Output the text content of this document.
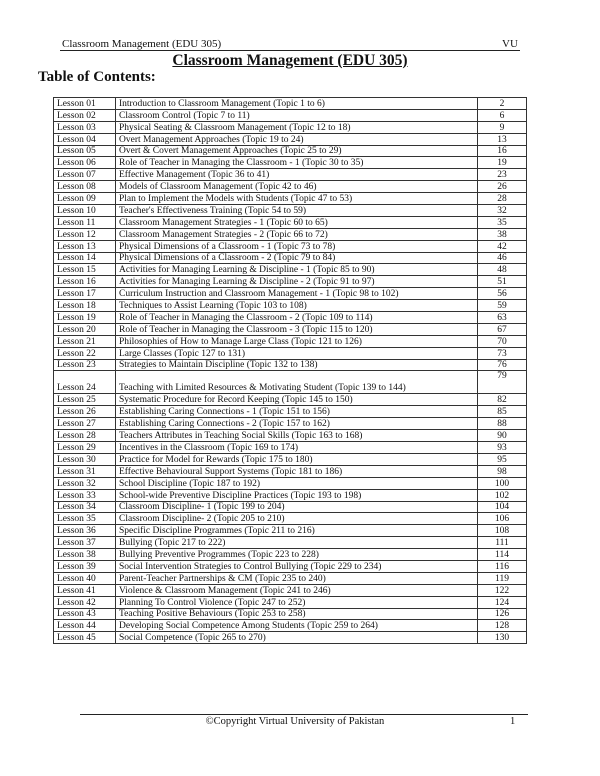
Classroom Management (EDU 305)	VU
Classroom Management (EDU 305)
Table of Contents:
Lesson 01	Introduction to Classroom Management (Topic 1 to 6)	2
Lesson 02	Classroom Control (Topic 7 to 11)	6
Lesson 03	Physical Seating & Classroom Management (Topic 12 to 18)	9
Lesson 04	Overt Management Approaches (Topic 19 to 24)	13
Lesson 05	Overt & Covert Management Approaches (Topic 25 to 29)	16
Lesson 06	Role of Teacher in Managing the Classroom - 1 (Topic 30 to 35)	19
Lesson 07	Effective Management (Topic 36 to 41)	23
Lesson 08	Models of Classroom Management (Topic 42 to 46)	26
Lesson 09	Plan to Implement the Models with Students (Topic 47 to 53)	28
Lesson 10	Teacher's Effectiveness Training (Topic 54 to 59)	32
Lesson 11	Classroom Management Strategies - 1 (Topic 60 to 65)	35
Lesson 12	Classroom Management Strategies - 2 (Topic 66 to 72)	38
Lesson 13	Physical Dimensions of a Classroom - 1 (Topic 73 to 78)	42
Lesson 14	Physical Dimensions of a Classroom - 2 (Topic 79 to 84)	46
Lesson 15	Activities for Managing Learning & Discipline - 1 (Topic 85 to 90)	48
Lesson 16	Activities for Managing Learning & Discipline - 2 (Topic 91 to 97)	51
Lesson 17	Curriculum Instruction and Classroom Management - 1 (Topic 98 to 102)	56
Lesson 18	Techniques to Assist Learning (Topic 103 to 108)	59
Lesson 19	Role of Teacher in Managing the Classroom - 2 (Topic 109 to 114)	63
Lesson 20	Role of Teacher in Managing the Classroom - 3 (Topic 115 to 120)	67
Lesson 21	Philosophies of How to Manage Large Class (Topic 121 to 126)	70
Lesson 22	Large Classes (Topic 127 to 131)	73
Lesson 23	Strategies to Maintain Discipline (Topic 132 to 138)	76
Lesson 24	Teaching with Limited Resources & Motivating Student (Topic 139 to 144)	79
Lesson 25	Systematic Procedure for Record Keeping (Topic 145 to 150)	82
Lesson 26	Establishing Caring Connections - 1 (Topic 151 to 156)	85
Lesson 27	Establishing Caring Connections - 2 (Topic 157 to 162)	88
Lesson 28	Teachers Attributes in Teaching Social Skills (Topic 163 to 168)	90
Lesson 29	Incentives in the Classroom (Topic 169 to 174)	93
Lesson 30	Practice for Model for Rewards (Topic 175 to 180)	95
Lesson 31	Effective Behavioural Support Systems (Topic 181 to 186)	98
Lesson 32	School Discipline (Topic 187 to 192)	100
Lesson 33	School-wide Preventive Discipline Practices (Topic 193 to 198)	102
Lesson 34	Classroom Discipline- 1 (Topic 199 to 204)	104
Lesson 35	Classroom Discipline- 2 (Topic 205 to 210)	106
Lesson 36	Specific Discipline Programmes (Topic 211 to 216)	108
Lesson 37	Bullying (Topic 217 to 222)	111
Lesson 38	Bullying Preventive Programmes (Topic 223 to 228)	114
Lesson 39	Social Intervention Strategies to Control Bullying (Topic 229 to 234)	116
Lesson 40	Parent-Teacher Partnerships & CM (Topic 235 to 240)	119
Lesson 41	Violence & Classroom Management (Topic 241 to 246)	122
Lesson 42	Planning To Control Violence (Topic 247 to 252)	124
Lesson 43	Teaching Positive Behaviours (Topic 253 to 258)	126
Lesson 44	Developing Social Competence Among Students (Topic 259 to 264)	128
Lesson 45	Social Competence (Topic 265 to 270)	130
©Copyright Virtual University of Pakistan	1
